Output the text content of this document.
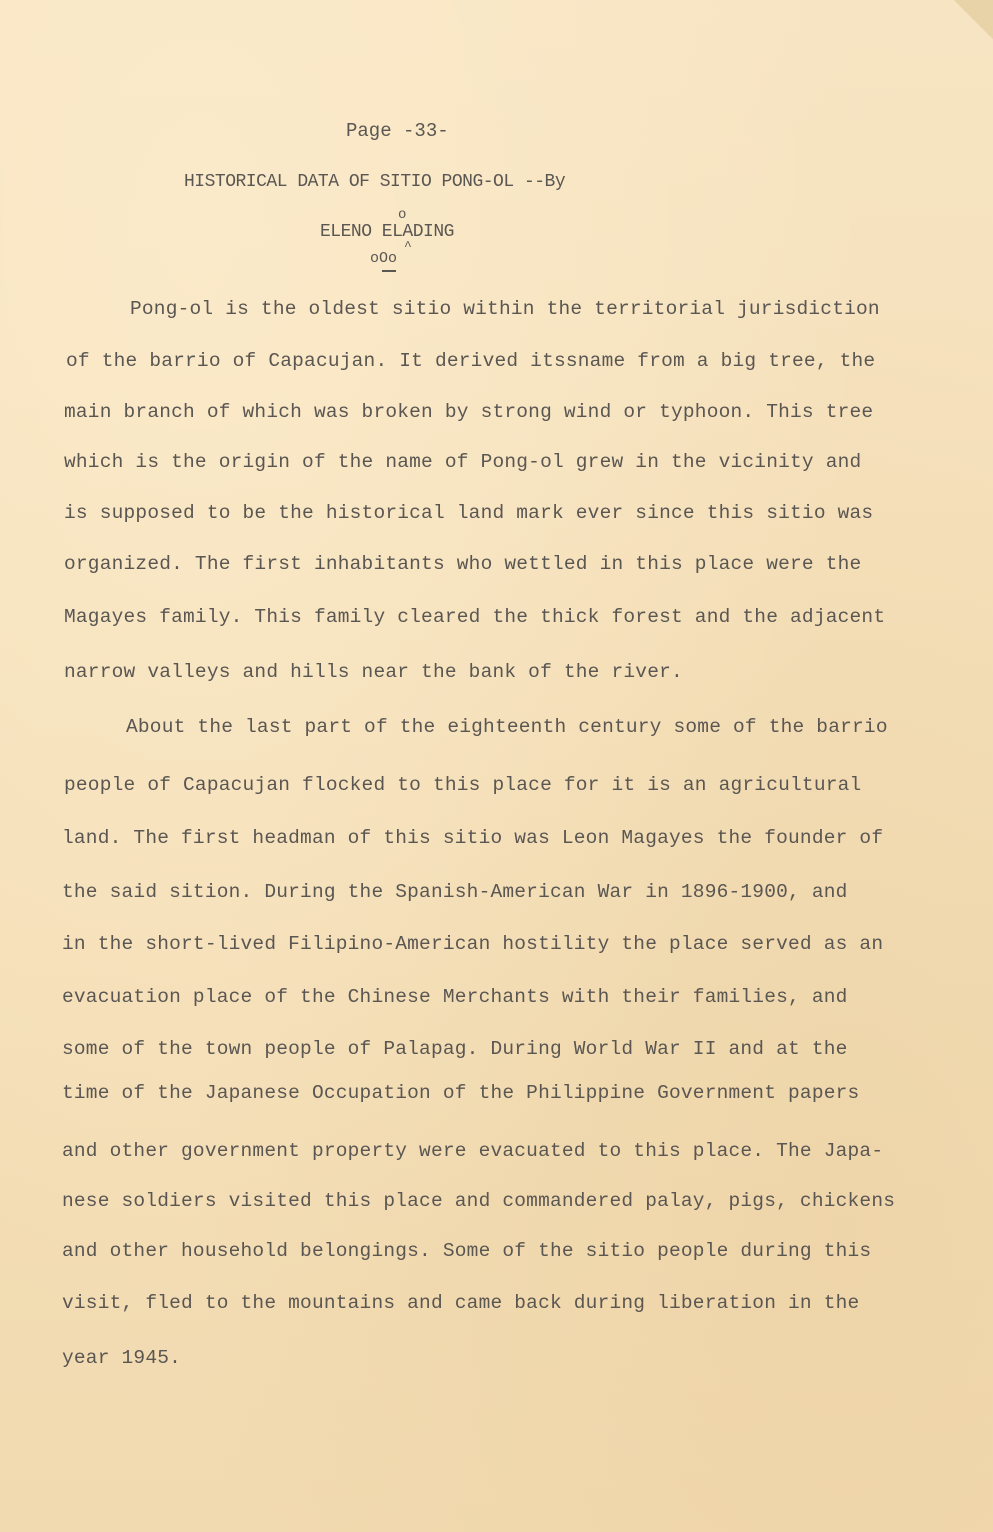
Page -33-
HISTORICAL DATA OF SITIO PONG-OL --By
o
ELENO ELADING
^
oOo
Pong-ol is the oldest sitio within the territorial jurisdiction
of the barrio of Capacujan. It derived itssname from a big tree, the
main branch of which was broken by strong wind or typhoon. This tree
which is the origin of the name of Pong-ol grew in the vicinity and
is supposed to be the historical land mark ever since this sitio was
organized. The first inhabitants who wettled in this place were the
Magayes family. This family cleared the thick forest and the adjacent
narrow valleys and hills near the bank of the river.
About the last part of the eighteenth century some of the barrio
people of Capacujan flocked to this place for it is an agricultural
land. The first headman of this sitio was Leon Magayes the founder of
the said sition. During the Spanish-American War in 1896-1900, and
in the short-lived Filipino-American hostility the place served as an
evacuation place of the Chinese Merchants with their families, and
some of the town people of Palapag. During World War II and at the
time of the Japanese Occupation of the Philippine Government papers
and other government property were evacuated to this place. The Japa-
nese soldiers visited this place and commandered palay, pigs, chickens
and other household belongings. Some of the sitio people during this
visit, fled to the mountains and came back during liberation in the
year 1945.
